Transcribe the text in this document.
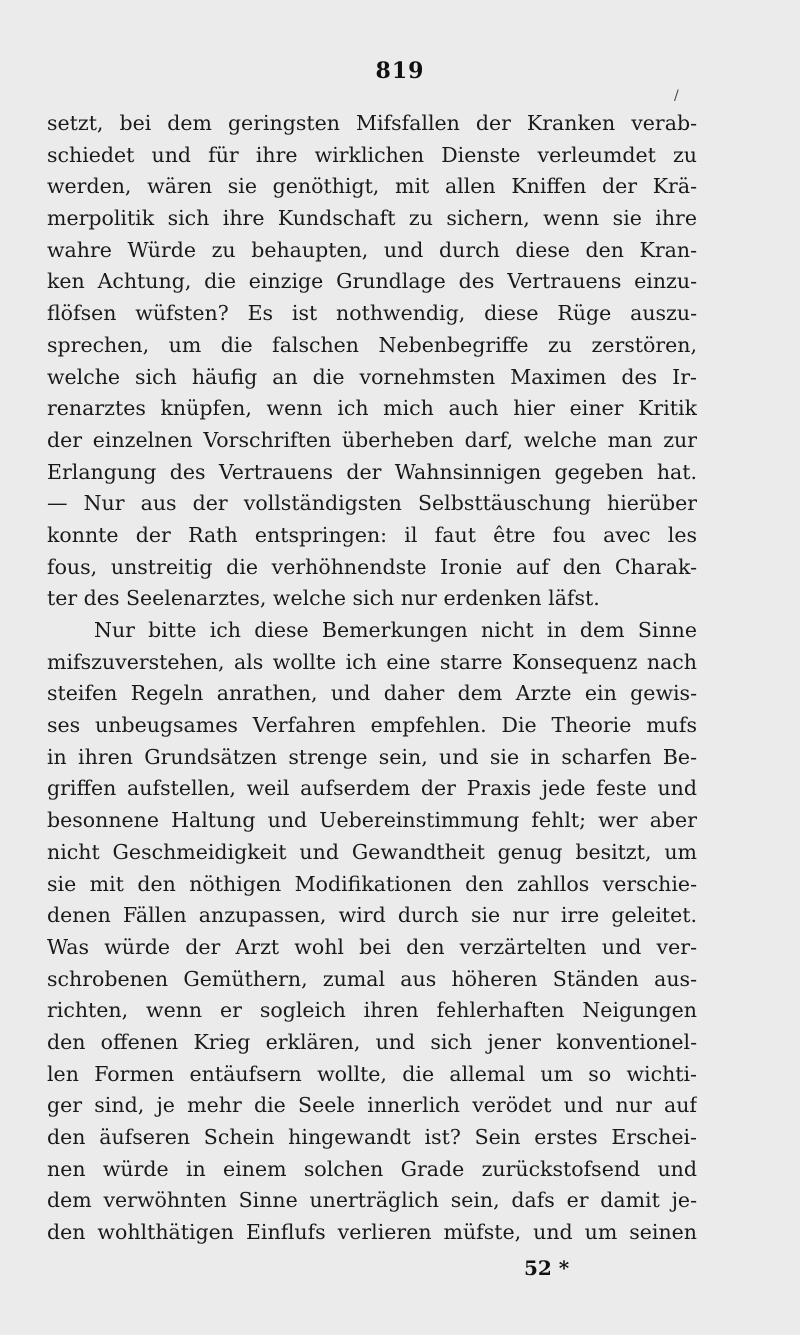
819
/
setzt, bei dem geringsten Mifsfallen der Kranken verab-
schiedet und für ihre wirklichen Dienste verleumdet zu
werden, wären sie genöthigt, mit allen Kniffen der Krä-
merpolitik sich ihre Kundschaft zu sichern, wenn sie ihre
wahre Würde zu behaupten, und durch diese den Kran-
ken Achtung, die einzige Grundlage des Vertrauens einzu-
flöfsen wüfsten? Es ist nothwendig, diese Rüge auszu-
sprechen, um die falschen Nebenbegriffe zu zerstören,
welche sich häufig an die vornehmsten Maximen des Ir-
renarztes knüpfen, wenn ich mich auch hier einer Kritik
der einzelnen Vorschriften überheben darf, welche man zur
Erlangung des Vertrauens der Wahnsinnigen gegeben hat.
— Nur aus der vollständigsten Selbsttäuschung hierüber
konnte der Rath entspringen: il faut être fou avec les
fous, unstreitig die verhöhnendste Ironie auf den Charak-
ter des Seelenarztes, welche sich nur erdenken läfst.
Nur bitte ich diese Bemerkungen nicht in dem Sinne
mifszuverstehen, als wollte ich eine starre Konsequenz nach
steifen Regeln anrathen, und daher dem Arzte ein gewis-
ses unbeugsames Verfahren empfehlen. Die Theorie mufs
in ihren Grundsätzen strenge sein, und sie in scharfen Be-
griffen aufstellen, weil aufserdem der Praxis jede feste und
besonnene Haltung und Uebereinstimmung fehlt; wer aber
nicht Geschmeidigkeit und Gewandtheit genug besitzt, um
sie mit den nöthigen Modifikationen den zahllos verschie-
denen Fällen anzupassen, wird durch sie nur irre geleitet.
Was würde der Arzt wohl bei den verzärtelten und ver-
schrobenen Gemüthern, zumal aus höheren Ständen aus-
richten, wenn er sogleich ihren fehlerhaften Neigungen
den offenen Krieg erklären, und sich jener konventionel-
len Formen entäufsern wollte, die allemal um so wichti-
ger sind, je mehr die Seele innerlich verödet und nur auf
den äufseren Schein hingewandt ist? Sein erstes Erschei-
nen würde in einem solchen Grade zurückstofsend und
dem verwöhnten Sinne unerträglich sein, dafs er damit je-
den wohlthätigen Einflufs verlieren müfste, und um seinen
52 *
